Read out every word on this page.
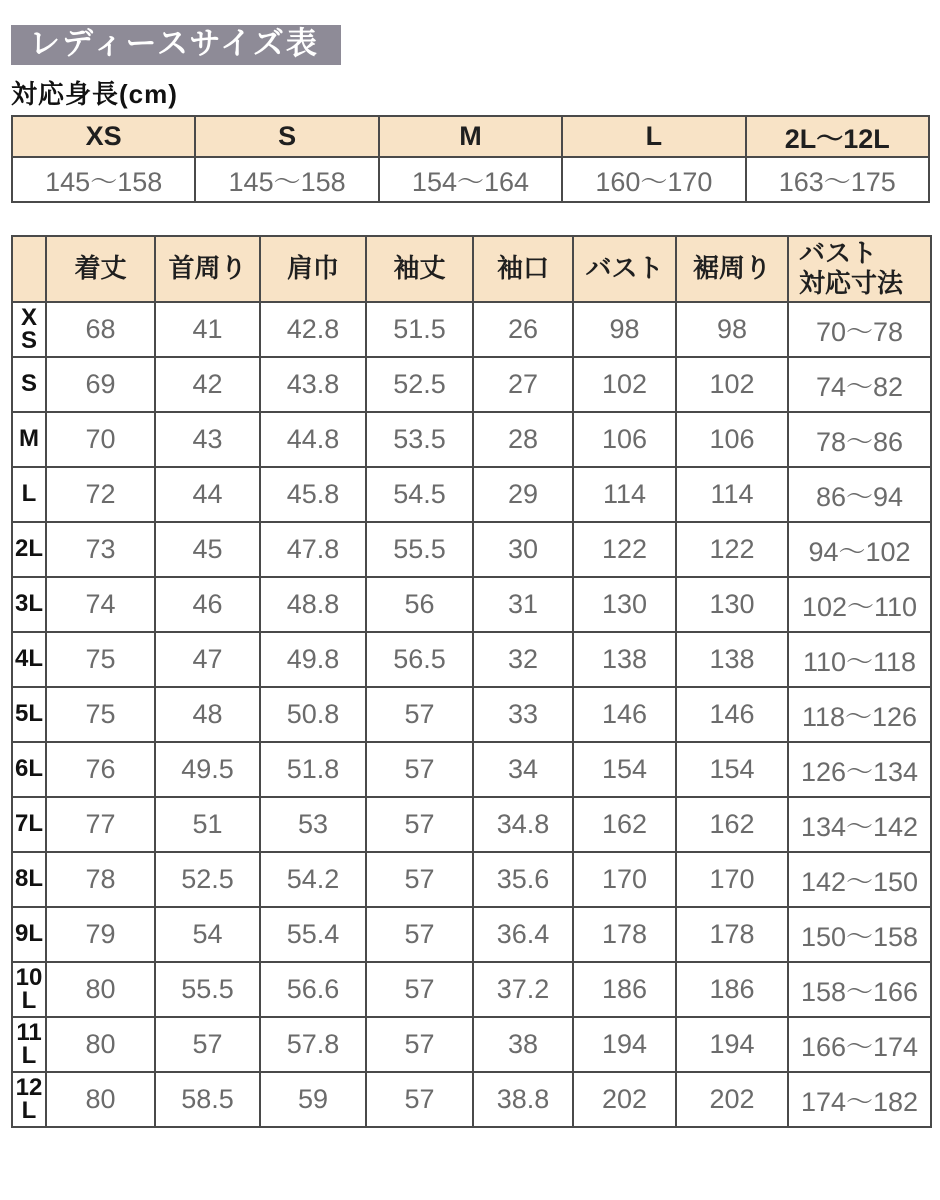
レディースサイズ表
対応身長(cm)
XS	S	M	L	2L～12L
145～158	145～158	154～164	160～170	163～175
	着丈	首周り	肩巾	袖丈	袖口	バスト	裾周り	バスト
対応寸法

XS	68	41	42.8	51.5	26	98	98	70～78

S	69	42	43.8	52.5	27	102	102	74～82

M	70	43	44.8	53.5	28	106	106	78～86

L	72	44	45.8	54.5	29	114	114	86～94

2L	73	45	47.8	55.5	30	122	122	94～102

3L	74	46	48.8	56	31	130	130	102～110

4L	75	47	49.8	56.5	32	138	138	110～118

5L	75	48	50.8	57	33	146	146	118～126

6L	76	49.5	51.8	57	34	154	154	126～134

7L	77	51	53	57	34.8	162	162	134～142

8L	78	52.5	54.2	57	35.6	170	170	142～150

9L	79	54	55.4	57	36.4	178	178	150～158

10L	80	55.5	56.6	57	37.2	186	186	158～166

11L	80	57	57.8	57	38	194	194	166～174

12L	80	58.5	59	57	38.8	202	202	174～182
